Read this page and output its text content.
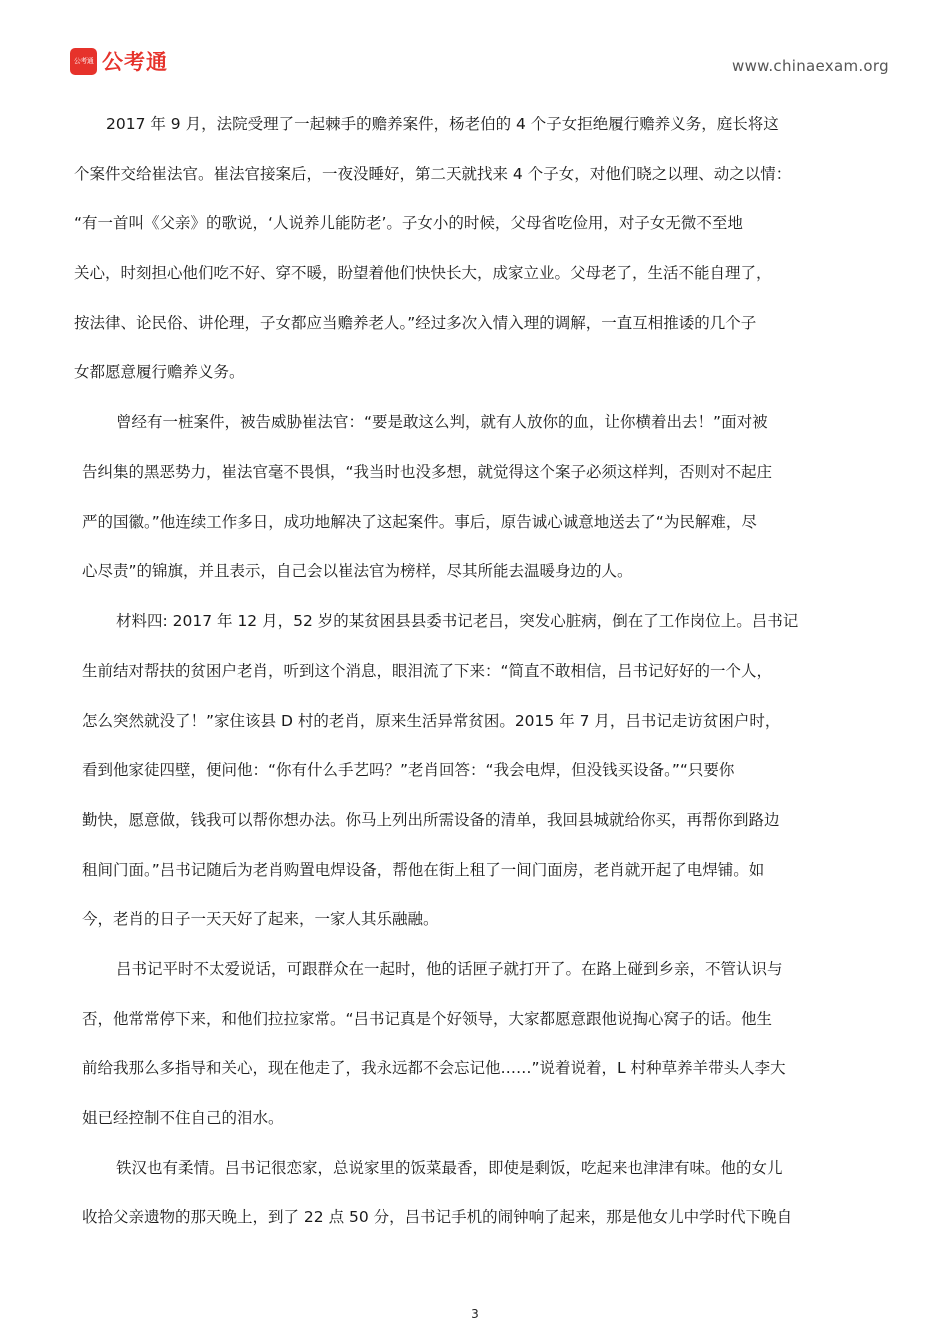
公考通 公考通	www.chinaexam.org

2017 年 9 月，法院受理了一起棘手的赡养案件，杨老伯的 4 个子女拒绝履行赡养义务，庭长将这

个案件交给崔法官。崔法官接案后，一夜没睡好，第二天就找来 4 个子女，对他们晓之以理、动之以情：

“有一首叫《父亲》的歌说，‘人说养儿能防老’。子女小的时候，父母省吃俭用，对子女无微不至地

关心，时刻担心他们吃不好、穿不暖，盼望着他们快快长大，成家立业。父母老了，生活不能自理了，

按法律、论民俗、讲伦理，子女都应当赡养老人。”经过多次入情入理的调解，一直互相推诿的几个子

女都愿意履行赡养义务。

曾经有一桩案件，被告威胁崔法官：“要是敢这么判，就有人放你的血，让你横着出去！”面对被

告纠集的黑恶势力，崔法官毫不畏惧，“我当时也没多想，就觉得这个案子必须这样判，否则对不起庄

严的国徽。”他连续工作多日，成功地解决了这起案件。事后，原告诚心诚意地送去了“为民解难，尽

心尽责”的锦旗，并且表示，自己会以崔法官为榜样，尽其所能去温暖身边的人。

材料四: 2017 年 12 月，52 岁的某贫困县县委书记老吕，突发心脏病，倒在了工作岗位上。吕书记

生前结对帮扶的贫困户老肖，听到这个消息，眼泪流了下来：“简直不敢相信，吕书记好好的一个人，

怎么突然就没了！”家住该县 D 村的老肖，原来生活异常贫困。2015 年 7 月，吕书记走访贫困户时，

看到他家徒四壁，便问他：“你有什么手艺吗？”老肖回答：“我会电焊，但没钱买设备。”“只要你

勤快，愿意做，钱我可以帮你想办法。你马上列出所需设备的清单，我回县城就给你买，再帮你到路边

租间门面。”吕书记随后为老肖购置电焊设备，帮他在街上租了一间门面房，老肖就开起了电焊铺。如

今，老肖的日子一天天好了起来，一家人其乐融融。

吕书记平时不太爱说话，可跟群众在一起时，他的话匣子就打开了。在路上碰到乡亲，不管认识与

否，他常常停下来，和他们拉拉家常。“吕书记真是个好领导，大家都愿意跟他说掏心窝子的话。他生

前给我那么多指导和关心，现在他走了，我永远都不会忘记他……”说着说着，L 村种草养羊带头人李大

姐已经控制不住自己的泪水。

铁汉也有柔情。吕书记很恋家，总说家里的饭菜最香，即使是剩饭，吃起来也津津有味。他的女儿

收拾父亲遗物的那天晚上，到了 22 点 50 分，吕书记手机的闹钟响了起来，那是他女儿中学时代下晚自

3
